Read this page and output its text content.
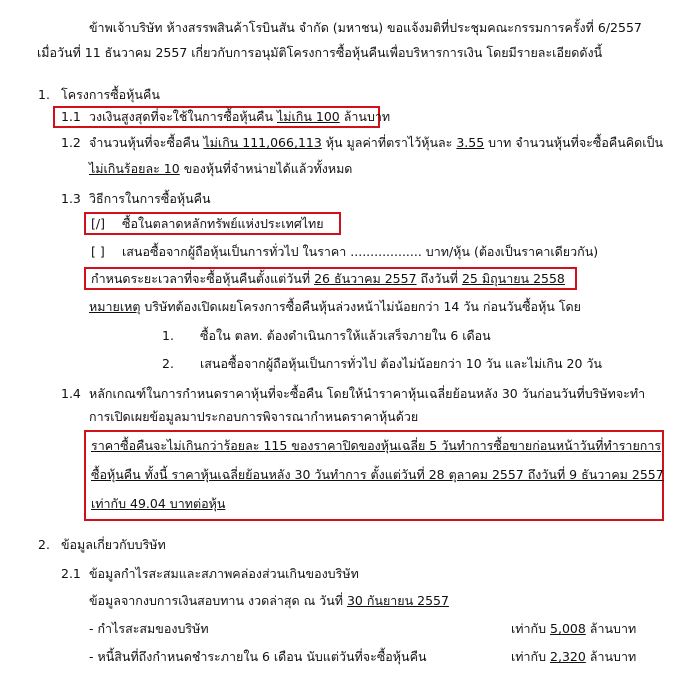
ข้าพเจ้าบริษัท ห้างสรรพสินค้าโรบินสัน จำกัด (มหาชน) ขอแจ้งมติที่ประชุมคณะกรรมการครั้งที่ 6/2557
เมื่อวันที่ 11 ธันวาคม 2557 เกี่ยวกับการอนุมัติโครงการซื้อหุ้นคืนเพื่อบริหารการเงิน โดยมีรายละเอียดดังนี้
1. โครงการซื้อหุ้นคืน
1.1 วงเงินสูงสุดที่จะใช้ในการซื้อหุ้นคืน ไม่เกิน 100 ล้านบาท
1.2 จำนวนหุ้นที่จะซื้อคืน ไม่เกิน 111,066,113 หุ้น มูลค่าที่ตราไว้หุ้นละ 3.55 บาท จำนวนหุ้นที่จะซื้อคืนคิดเป็น
ไม่เกินร้อยละ 10 ของหุ้นที่จำหน่ายได้แล้วทั้งหมด
1.3 วิธีการในการซื้อหุ้นคืน
[/] ซื้อในตลาดหลักทรัพย์แห่งประเทศไทย
[ ] เสนอซื้อจากผู้ถือหุ้นเป็นการทั่วไป ในราคา .................. บาท/หุ้น (ต้องเป็นราคาเดียวกัน)
กำหนดระยะเวลาที่จะซื้อหุ้นคืนตั้งแต่วันที่ 26 ธันวาคม 2557 ถึงวันที่ 25 มิถุนายน 2558
หมายเหตุ บริษัทต้องเปิดเผยโครงการซื้อคืนหุ้นล่วงหน้าไม่น้อยกว่า 14 วัน ก่อนวันซื้อหุ้น โดย
1. ซื้อใน ตลท. ต้องดำเนินการให้แล้วเสร็จภายใน 6 เดือน
2. เสนอซื้อจากผู้ถือหุ้นเป็นการทั่วไป ต้องไม่น้อยกว่า 10 วัน และไม่เกิน 20 วัน
1.4 หลักเกณฑ์ในการกำหนดราคาหุ้นที่จะซื้อคืน โดยให้นำราคาหุ้นเฉลี่ยย้อนหลัง 30 วันก่อนวันที่บริษัทจะทำ
การเปิดเผยข้อมูลมาประกอบการพิจารณากำหนดราคาหุ้นด้วย
ราคาซื้อคืนจะไม่เกินกว่าร้อยละ 115 ของราคาปิดของหุ้นเฉลี่ย 5 วันทำการซื้อขายก่อนหน้าวันที่ทำรายการ
ซื้อหุ้นคืน ทั้งนี้ ราคาหุ้นเฉลี่ยย้อนหลัง 30 วันทำการ ตั้งแต่วันที่ 28 ตุลาคม 2557 ถึงวันที่ 9 ธันวาคม 2557
เท่ากับ 49.04 บาทต่อหุ้น
2. ข้อมูลเกี่ยวกับบริษัท
2.1 ข้อมูลกำไรสะสมและสภาพคล่องส่วนเกินของบริษัท
ข้อมูลจากงบการเงินสอบทาน งวดล่าสุด ณ วันที่ 30 กันยายน 2557
- กำไรสะสมของบริษัท	เท่ากับ 5,008 ล้านบาท
- หนี้สินที่ถึงกำหนดชำระภายใน 6 เดือน นับแต่วันที่จะซื้อหุ้นคืน	เท่ากับ 2,320 ล้านบาท
